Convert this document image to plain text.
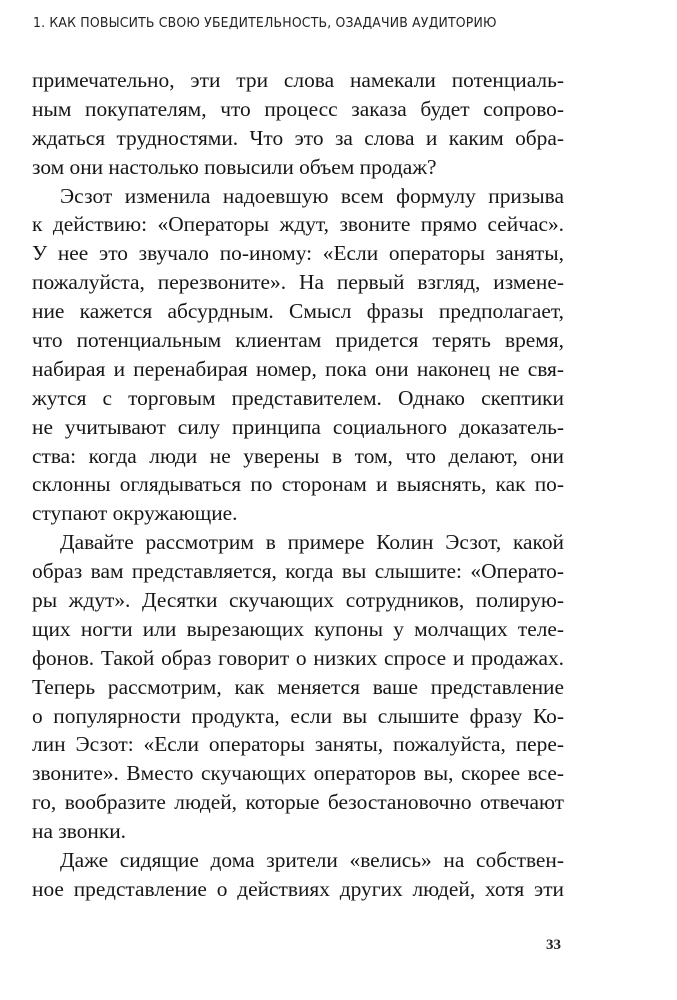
1. КАК ПОВЫСИТЬ СВОЮ УБЕДИТЕЛЬНОСТЬ, ОЗАДАЧИВ АУДИТОРИЮ
примечательно, эти три слова намекали потенциаль-
ным покупателям, что процесс заказа будет сопрово-
ждаться трудностями. Что это за слова и каким обра-
зом они настолько повысили объем продаж?
Эсзот изменила надоевшую всем формулу призыва
к действию: «Операторы ждут, звоните прямо сейчас».
У нее это звучало по-иному: «Если операторы заняты,
пожалуйста, перезвоните». На первый взгляд, измене-
ние кажется абсурдным. Смысл фразы предполагает,
что потенциальным клиентам придется терять время,
набирая и перенабирая номер, пока они наконец не свя-
жутся с торговым представителем. Однако скептики
не учитывают силу принципа социального доказатель-
ства: когда люди не уверены в том, что делают, они
склонны оглядываться по сторонам и выяснять, как по-
ступают окружающие.
Давайте рассмотрим в примере Колин Эсзот, какой
образ вам представляется, когда вы слышите: «Операто-
ры ждут». Десятки скучающих сотрудников, полирую-
щих ногти или вырезающих купоны у молчащих теле-
фонов. Такой образ говорит о низких спросе и продажах.
Теперь рассмотрим, как меняется ваше представление
о популярности продукта, если вы слышите фразу Ко-
лин Эсзот: «Если операторы заняты, пожалуйста, пере-
звоните». Вместо скучающих операторов вы, скорее все-
го, вообразите людей, которые безостановочно отвечают
на звонки.
Даже сидящие дома зрители «велись» на собствен-
ное представление о действиях других людей, хотя эти
33
